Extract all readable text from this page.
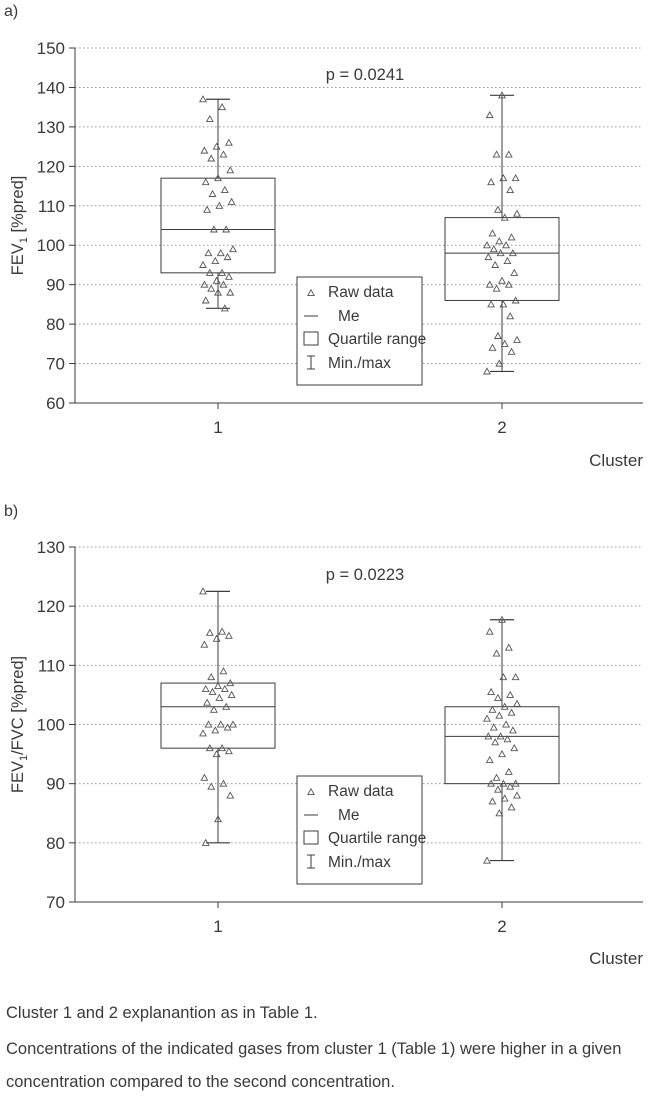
a)
60
70
80
90
100
110
120
130
140
150
1	2
Cluster
$FEV_1$ [%pred]
p = 0.0241
Raw data
Me
Quartile range
Min./max
b)
70
80
90
100
110
120
130
1	2
Cluster
$FEV_1$/FVC [%pred]
p = 0.0223
Raw data
Me
Quartile range
Min./max
Cluster 1 and 2 explanantion as in Table 1.
Concentrations of the indicated gases from cluster 1 (Table 1) were higher in a given
concentration compared to the second concentration.
